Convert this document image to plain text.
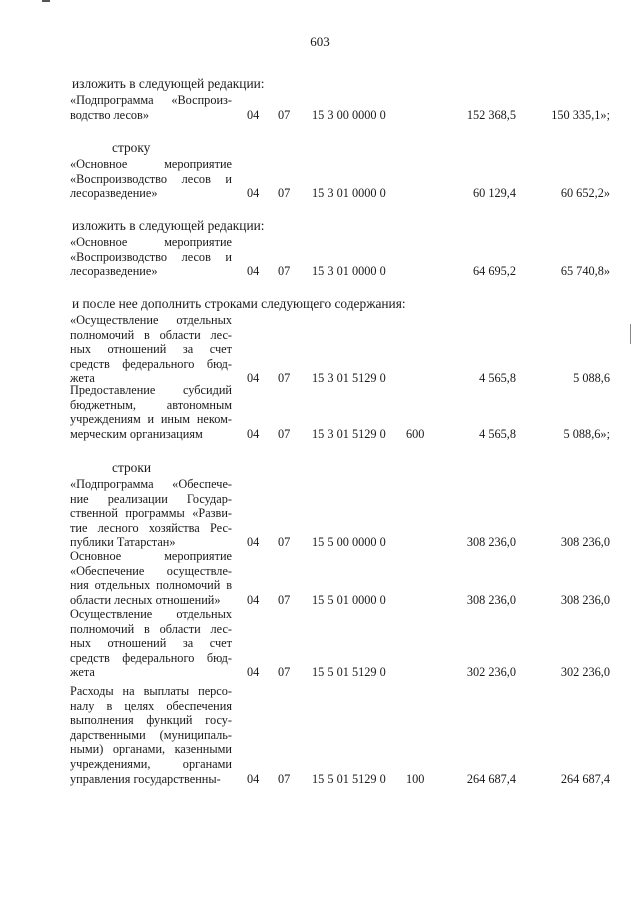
603
изложить в следующей редакции:
«Подпрограмма «Воспроиз-
водство лесов»	04 07 15 3 00 0000 0	152 368,5	150 335,1»;
строку
«Основное мероприятие
«Воспроизводство лесов и
лесоразведение»	04 07 15 3 01 0000 0	60 129,4	60 652,2»
изложить в следующей редакции:
«Основное мероприятие
«Воспроизводство лесов и
лесоразведение»	04 07 15 3 01 0000 0	64 695,2	65 740,8»
и после нее дополнить строками следующего содержания:
«Осуществление отдельных
полномочий в области лес-
ных отношений за счет
средств федерального бюд-
жета	04 07 15 3 01 5129 0	4 565,8	5 088,6
Предоставление субсидий
бюджетным, автономным
учреждениям и иным неком-
мерческим организациям	04 07 15 3 01 5129 0 600	4 565,8	5 088,6»;
строки
«Подпрограмма «Обеспече-
ние реализации Государ-
ственной программы «Разви-
тие лесного хозяйства Рес-
публики Татарстан»	04 07 15 5 00 0000 0	308 236,0	308 236,0
Основное мероприятие
«Обеспечение осуществле-
ния отдельных полномочий в
области лесных отношений»	04 07 15 5 01 0000 0	308 236,0	308 236,0
Осуществление отдельных
полномочий в области лес-
ных отношений за счет
средств федерального бюд-
жета	04 07 15 5 01 5129 0	302 236,0	302 236,0
Расходы на выплаты персо-
налу в целях обеспечения
выполнения функций госу-
дарственными (муниципаль-
ными) органами, казенными
учреждениями, органами
управления государственны-	04 07 15 5 01 5129 0 100	264 687,4	264 687,4
